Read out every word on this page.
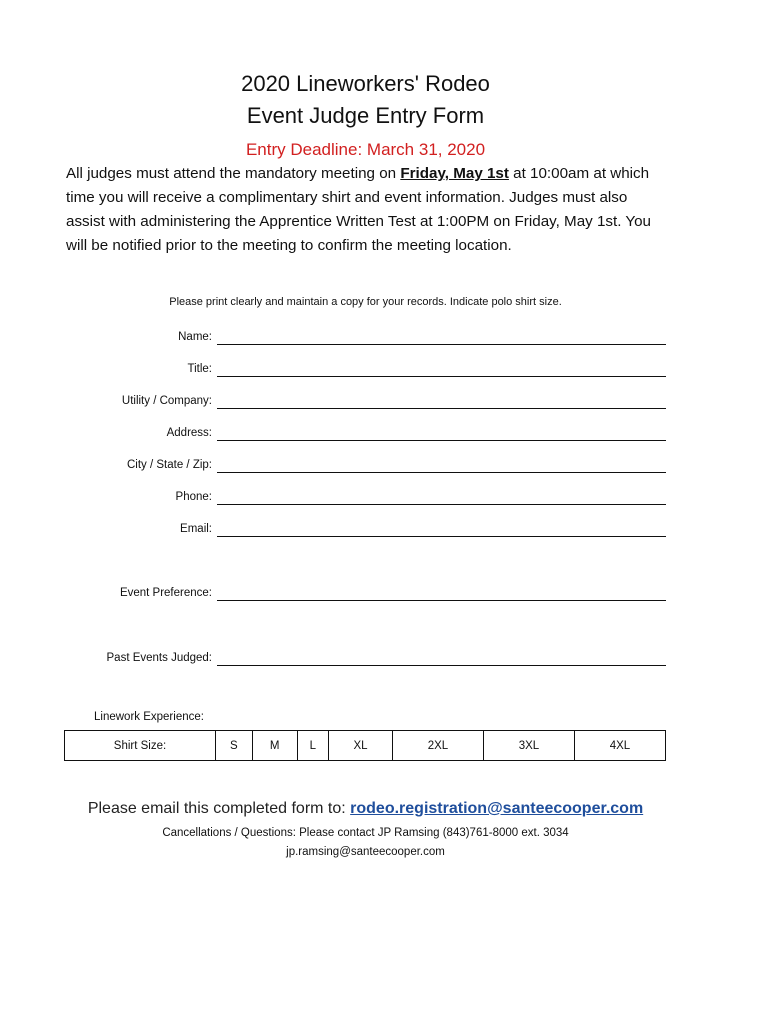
2020 Lineworkers' Rodeo
Event Judge Entry Form
Entry Deadline: March 31, 2020
All judges must attend the mandatory meeting on Friday, May 1st at 10:00am at which time you will receive a complimentary shirt and event information. Judges must also assist with administering the Apprentice Written Test at 1:00PM on Friday, May 1st. You will be notified prior to the meeting to confirm the meeting location.
Please print clearly and maintain a copy for your records. Indicate polo shirt size.
Name:
Title:
Utility / Company:
Address:
City / State / Zip:
Phone:
Email:
Event Preference:
Past Events Judged:
Linework Experience:
Shirt Size:	S	M	L	XL	2XL	3XL	4XL
Please email this completed form to: rodeo.registration@santeecooper.com
Cancellations / Questions: Please contact JP Ramsing (843)761-8000 ext. 3034
jp.ramsing@santeecooper.com
